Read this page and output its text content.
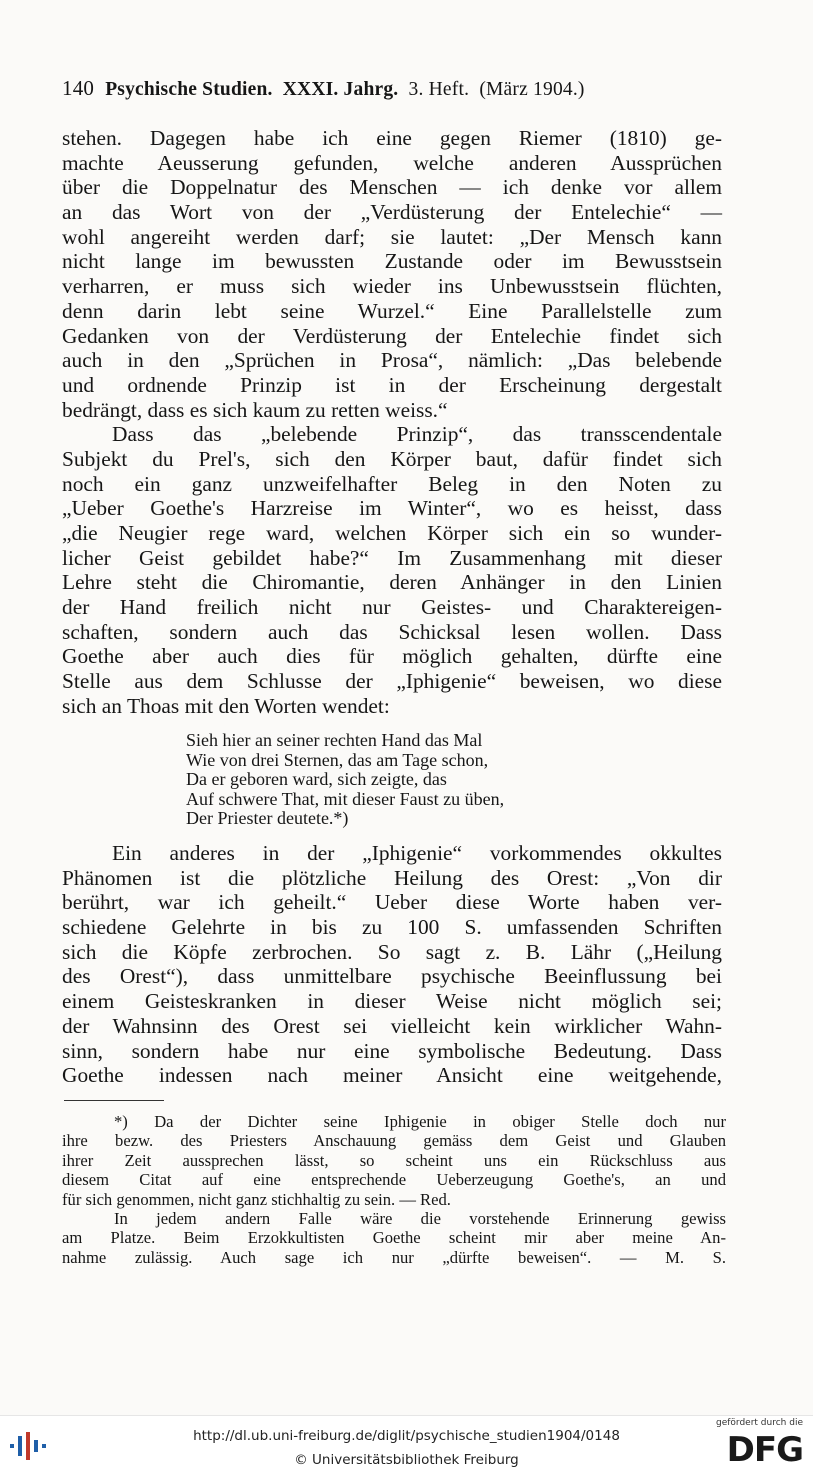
140 Psychische Studien. XXXI. Jahrg. 3. Heft. (März 1904.)
stehen. Dagegen habe ich eine gegen Riemer (1810) ge-
machte Aeusserung gefunden, welche anderen Aussprüchen
über die Doppelnatur des Menschen — ich denke vor allem
an das Wort von der „Verdüsterung der Entelechie“ —
wohl angereiht werden darf; sie lautet: „Der Mensch kann
nicht lange im bewussten Zustande oder im Bewusstsein
verharren, er muss sich wieder ins Unbewusstsein flüchten,
denn darin lebt seine Wurzel.“ Eine Parallelstelle zum
Gedanken von der Verdüsterung der Entelechie findet sich
auch in den „Sprüchen in Prosa“, nämlich: „Das belebende
und ordnende Prinzip ist in der Erscheinung dergestalt
bedrängt, dass es sich kaum zu retten weiss.“
Dass das „belebende Prinzip“, das transscendentale
Subjekt du Prel's, sich den Körper baut, dafür findet sich
noch ein ganz unzweifelhafter Beleg in den Noten zu
„Ueber Goethe's Harzreise im Winter“, wo es heisst, dass
„die Neugier rege ward, welchen Körper sich ein so wunder-
licher Geist gebildet habe?“ Im Zusammenhang mit dieser
Lehre steht die Chiromantie, deren Anhänger in den Linien
der Hand freilich nicht nur Geistes- und Charaktereigen-
schaften, sondern auch das Schicksal lesen wollen. Dass
Goethe aber auch dies für möglich gehalten, dürfte eine
Stelle aus dem Schlusse der „Iphigenie“ beweisen, wo diese
sich an Thoas mit den Worten wendet:
Sieh hier an seiner rechten Hand das Mal
Wie von drei Sternen, das am Tage schon,
Da er geboren ward, sich zeigte, das
Auf schwere That, mit dieser Faust zu üben,
Der Priester deutete.*)
Ein anderes in der „Iphigenie“ vorkommendes okkultes
Phänomen ist die plötzliche Heilung des Orest: „Von dir
berührt, war ich geheilt.“ Ueber diese Worte haben ver-
schiedene Gelehrte in bis zu 100 S. umfassenden Schriften
sich die Köpfe zerbrochen. So sagt z. B. Lähr („Heilung
des Orest“), dass unmittelbare psychische Beeinflussung bei
einem Geisteskranken in dieser Weise nicht möglich sei;
der Wahnsinn des Orest sei vielleicht kein wirklicher Wahn-
sinn, sondern habe nur eine symbolische Bedeutung. Dass
Goethe indessen nach meiner Ansicht eine weitgehende,
*) Da der Dichter seine Iphigenie in obiger Stelle doch nur
ihre bezw. des Priesters Anschauung gemäss dem Geist und Glauben
ihrer Zeit aussprechen lässt, so scheint uns ein Rückschluss aus
diesem Citat auf eine entsprechende Ueberzeugung Goethe's, an und
für sich genommen, nicht ganz stichhaltig zu sein. — Red.
In jedem andern Falle wäre die vorstehende Erinnerung gewiss
am Platze. Beim Erzokkultisten Goethe scheint mir aber meine An-
nahme zulässig. Auch sage ich nur „dürfte beweisen“. — M. S.
http://dl.ub.uni-freiburg.de/diglit/psychische_studien1904/0148
© Universitätsbibliothek Freiburg
gefördert durch die
DFG
